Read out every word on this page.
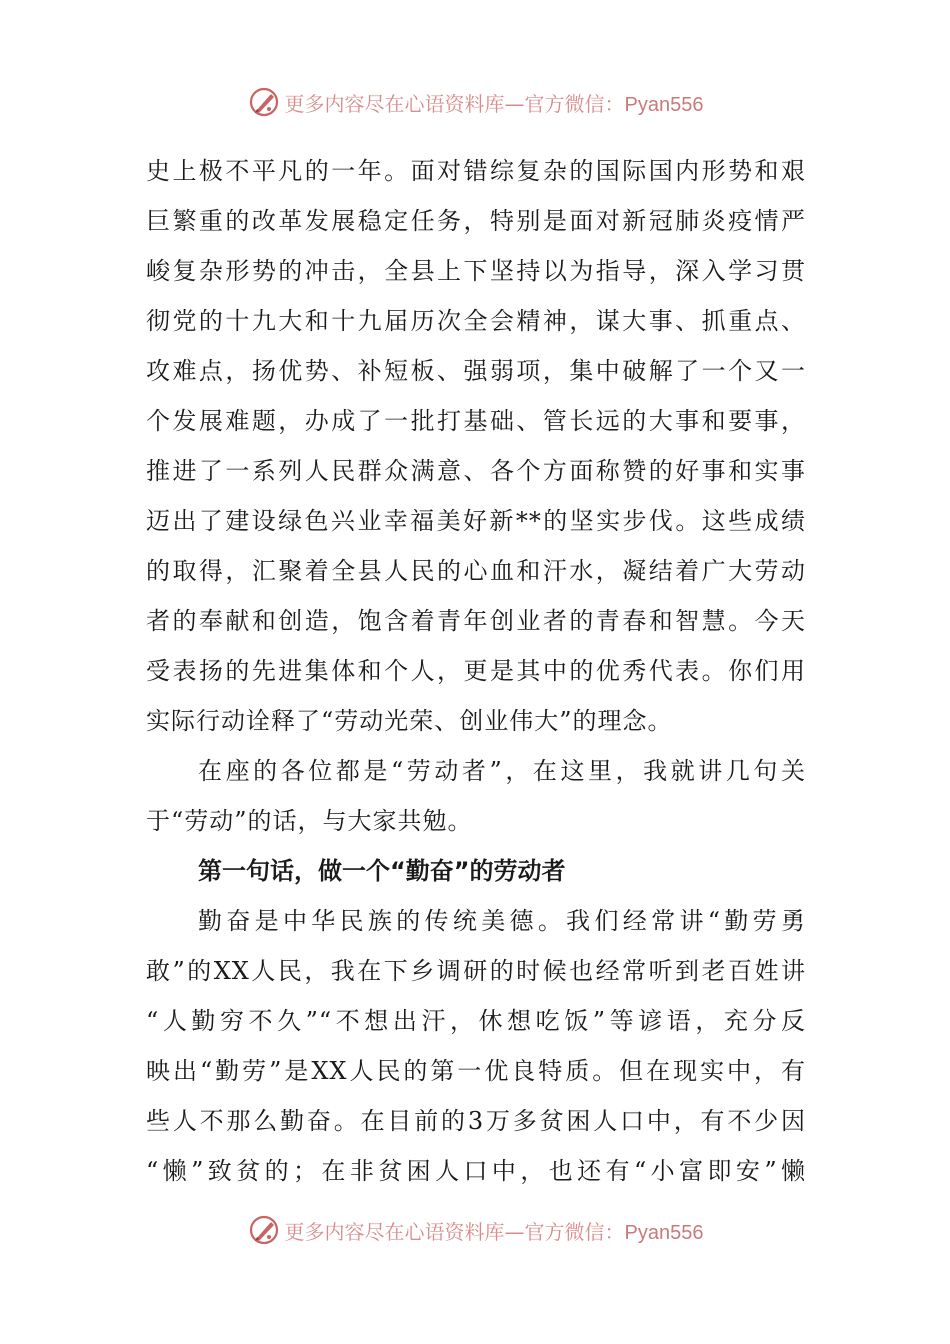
更多内容尽在心语资料库—官方微信：Pyan556
史上极不平凡的一年。面对错综复杂的国际国内形势和艰
巨繁重的改革发展稳定任务，特别是面对新冠肺炎疫情严
峻复杂形势的冲击，全县上下坚持以为指导，深入学习贯
彻党的十九大和十九届历次全会精神，谋大事、抓重点、
攻难点，扬优势、补短板、强弱项，集中破解了一个又一
个发展难题，办成了一批打基础、管长远的大事和要事，
推进了一系列人民群众满意、各个方面称赞的好事和实事
迈出了建设绿色兴业幸福美好新**的坚实步伐。这些成绩
的取得，汇聚着全县人民的心血和汗水，凝结着广大劳动
者的奉献和创造，饱含着青年创业者的青春和智慧。今天
受表扬的先进集体和个人，更是其中的优秀代表。你们用
实际行动诠释了“劳动光荣、创业伟大”的理念。
在座的各位都是“劳动者”，在这里，我就讲几句关
于“劳动”的话，与大家共勉。
第一句话，做一个“勤奋”的劳动者
勤奋是中华民族的传统美德。我们经常讲“勤劳勇
敢”的XX人民，我在下乡调研的时候也经常听到老百姓讲
“人勤穷不久”“不想出汗，休想吃饭”等谚语，充分反
映出“勤劳”是XX人民的第一优良特质。但在现实中，有
些人不那么勤奋。在目前的3万多贫困人口中，有不少因
“懒”致贫的；在非贫困人口中，也还有“小富即安”懒
更多内容尽在心语资料库—官方微信：Pyan556
